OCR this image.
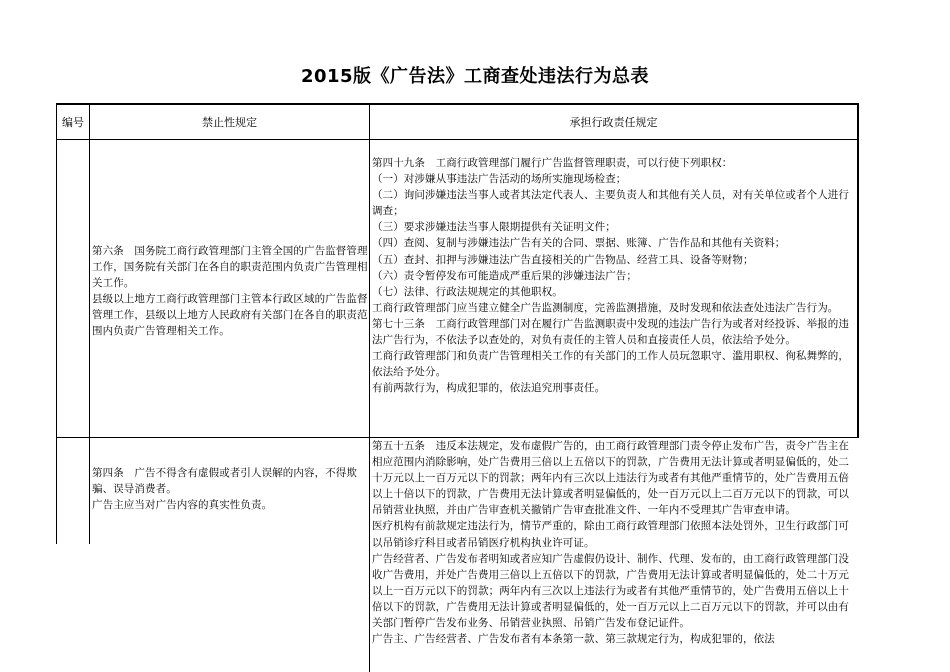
2015版《广告法》工商查处违法行为总表
编号	禁止性规定	承担行政责任规定

第六条　国务院工商行政管理部门主管全国的广告监督管理工作，国务院有关部门在各自的职责范围内负责广告管理相关工作。

县级以上地方工商行政管理部门主管本行政区域的广告监督管理工作，县级以上地方人民政府有关部门在各自的职责范围内负责广告管理相关工作。

第四十九条　工商行政管理部门履行广告监督管理职责，可以行使下列职权：

（一）对涉嫌从事违法广告活动的场所实施现场检查；

（二）询问涉嫌违法当事人或者其法定代表人、主要负责人和其他有关人员，对有关单位或者个人进行调查；

（三）要求涉嫌违法当事人限期提供有关证明文件；

（四）查阅、复制与涉嫌违法广告有关的合同、票据、账簿、广告作品和其他有关资料；

（五）查封、扣押与涉嫌违法广告直接相关的广告物品、经营工具、设备等财物；

（六）责令暂停发布可能造成严重后果的涉嫌违法广告；

（七）法律、行政法规规定的其他职权。

工商行政管理部门应当建立健全广告监测制度，完善监测措施，及时发现和依法查处违法广告行为。

第七十三条　工商行政管理部门对在履行广告监测职责中发现的违法广告行为或者对经投诉、举报的违法广告行为，不依法予以查处的，对负有责任的主管人员和直接责任人员，依法给予处分。

工商行政管理部门和负责广告管理相关工作的有关部门的工作人员玩忽职守、滥用职权、徇私舞弊的，依法给予处分。

有前两款行为，构成犯罪的，依法追究刑事责任。

第四条　广告不得含有虚假或者引人误解的内容，不得欺骗、误导消费者。

广告主应当对广告内容的真实性负责。

第五十五条　违反本法规定，发布虚假广告的，由工商行政管理部门责令停止发布广告，责令广告主在相应范围内消除影响，处广告费用三倍以上五倍以下的罚款，广告费用无法计算或者明显偏低的，处二十万元以上一百万元以下的罚款；两年内有三次以上违法行为或者有其他严重情节的，处广告费用五倍以上十倍以下的罚款，广告费用无法计算或者明显偏低的，处一百万元以上二百万元以下的罚款，可以吊销营业执照，并由广告审查机关撤销广告审查批准文件、一年内不受理其广告审查申请。

医疗机构有前款规定违法行为，情节严重的，除由工商行政管理部门依照本法处罚外，卫生行政部门可以吊销诊疗科目或者吊销医疗机构执业许可证。

广告经营者、广告发布者明知或者应知广告虚假仍设计、制作、代理、发布的，由工商行政管理部门没收广告费用，并处广告费用三倍以上五倍以下的罚款，广告费用无法计算或者明显偏低的，处二十万元以上一百万元以下的罚款；两年内有三次以上违法行为或者有其他严重情节的，处广告费用五倍以上十倍以下的罚款，广告费用无法计算或者明显偏低的，处一百万元以上二百万元以下的罚款，并可以由有关部门暂停广告发布业务、吊销营业执照、吊销广告发布登记证件。

广告主、广告经营者、广告发布者有本条第一款、第三款规定行为，构成犯罪的，依法
